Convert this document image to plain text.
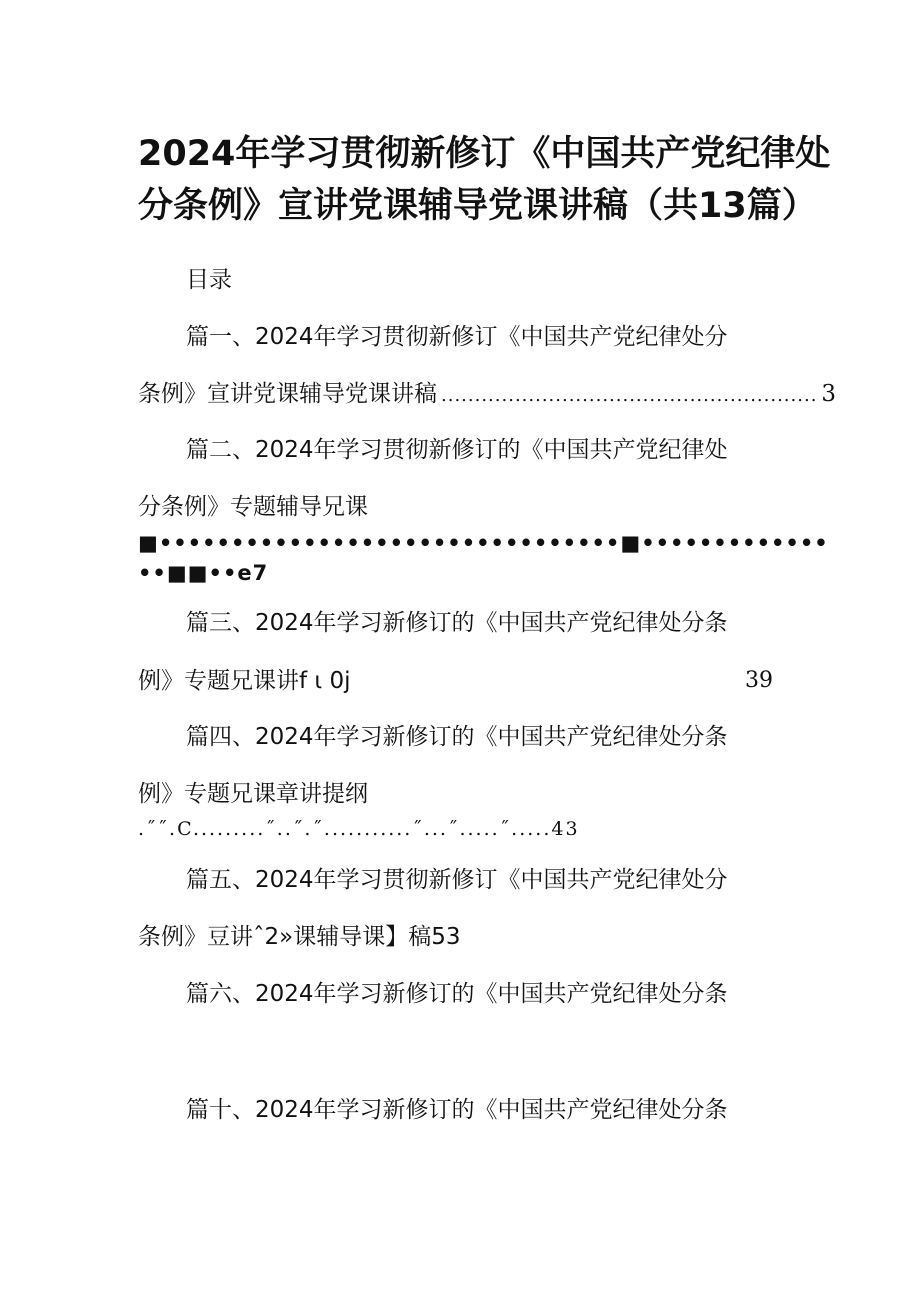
2024年学习贯彻新修订《中国共产党纪律处
分条例》宣讲党课辅导党课讲稿（共13篇）

目录

篇一、2024年学习贯彻新修订《中国共产党纪律处分

条例》宣讲党课辅导党课讲稿 ........................................................ 3

篇二、2024年学习贯彻新修订的《中国共产党纪律处

分条例》专题辅导兄课

■••••••••••••••••••••••••••••••••■•••••••••••••
••■■••e7

篇三、2024年学习新修订的《中国共产党纪律处分条

例》专题兄课讲f ι 0j	39

篇四、2024年学习新修订的《中国共产党纪律处分条

例》专题兄课章讲提纲

.˝˝.C.........˝..˝.˝...........˝...˝.....˝.....43

篇五、2024年学习贯彻新修订《中国共产党纪律处分

条例》豆讲ˆ2»课辅导课】稿53

篇六、2024年学习新修订的《中国共产党纪律处分条

篇十、2024年学习新修订的《中国共产党纪律处分条
